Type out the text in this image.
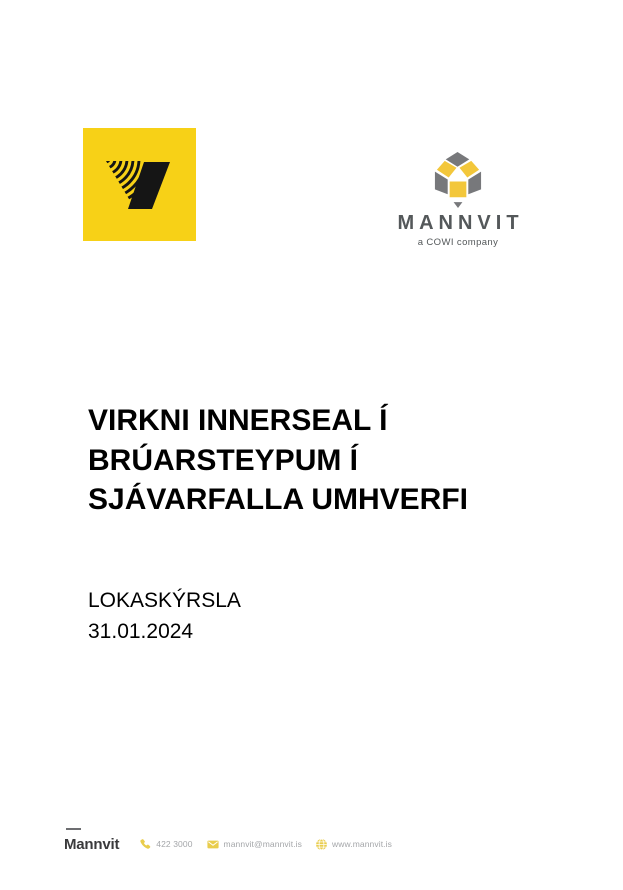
MANNVIT
a COWI company
VIRKNI INNERSEAL Í
BRÚARSTEYPUM Í
SJÁVARFALLA UMHVERFI
LOKASKÝRSLA
31.01.2024
Mannvit	422 3000	mannvit@mannvit.is	www.mannvit.is
